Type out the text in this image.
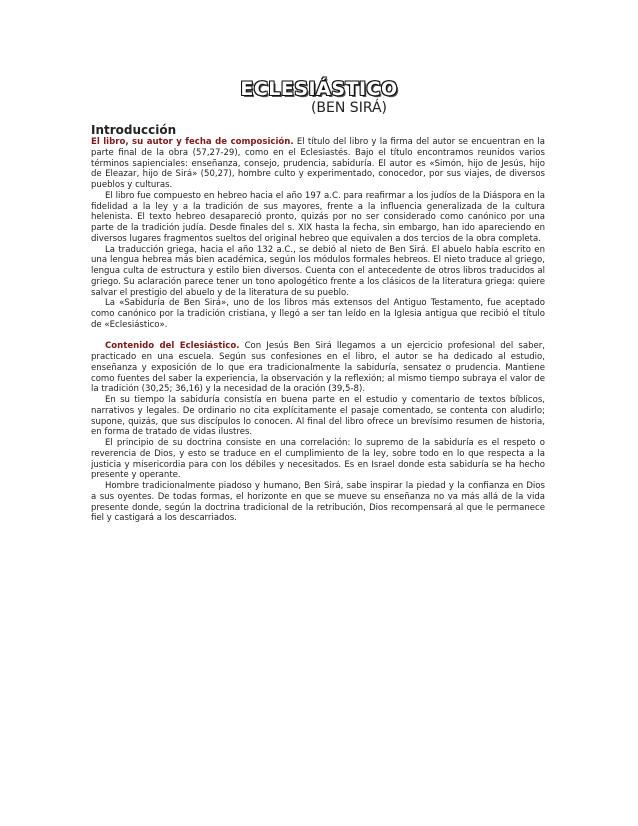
ECLESIÁSTICO
(BEN SIRÁ)
Introducción

El libro, su autor y fecha de composición. El título del libro y la firma del autor se encuentran en la parte final de la obra (57,27-29), como en el Eclesiastés. Bajo el título encontramos reunidos varios términos sapienciales: enseñanza, consejo, prudencia, sabiduría. El autor es «Simón, hijo de Jesús, hijo de Eleazar, hijo de Sirá» (50,27), hombre culto y experimentado, conocedor, por sus viajes, de diversos pueblos y culturas.

El libro fue compuesto en hebreo hacia el año 197 a.C. para reafirmar a los judíos de la Diáspora en la fidelidad a la ley y a la tradición de sus mayores, frente a la influencia generalizada de la cultura helenista. El texto hebreo desapareció pronto, quizás por no ser considerado como canónico por una parte de la tradición judía. Desde finales del s. XIX hasta la fecha, sin embargo, han ido apareciendo en diversos lugares fragmentos sueltos del original hebreo que equivalen a dos tercios de la obra completa.

La traducción griega, hacia el año 132 a.C., se debió al nieto de Ben Sirá. El abuelo había escrito en una lengua hebrea más bien académica, según los módulos formales hebreos. El nieto traduce al griego, lengua culta de estructura y estilo bien diversos. Cuenta con el antecedente de otros libros traducidos al griego. Su aclaración parece tener un tono apologético frente a los clásicos de la literatura griega: quiere salvar el prestigio del abuelo y de la literatura de su pueblo.

La «Sabiduría de Ben Sirá», uno de los libros más extensos del Antiguo Testamento, fue aceptado como canónico por la tradición cristiana, y llegó a ser tan leído en la Iglesia antigua que recibió el título de «Eclesiástico».

Contenido del Eclesiástico. Con Jesús Ben Sirá llegamos a un ejercicio profesional del saber, practicado en una escuela. Según sus confesiones en el libro, el autor se ha dedicado al estudio, enseñanza y exposición de lo que era tradicionalmente la sabiduría, sensatez o prudencia. Mantiene como fuentes del saber la experiencia, la observación y la reflexión; al mismo tiempo subraya el valor de la tradición (30,25; 36,16) y la necesidad de la oración (39,5-8).

En su tiempo la sabiduría consistía en buena parte en el estudio y comentario de textos bíblicos, narrativos y legales. De ordinario no cita explícitamente el pasaje comentado, se contenta con aludirlo; supone, quizás, que sus discípulos lo conocen. Al final del libro ofrece un brevísimo resumen de historia, en forma de tratado de vidas ilustres.

El principio de su doctrina consiste en una correlación: lo supremo de la sabiduría es el respeto o reverencia de Dios, y esto se traduce en el cumplimiento de la ley, sobre todo en lo que respecta a la justicia y misericordia para con los débiles y necesitados. Es en Israel donde esta sabiduría se ha hecho presente y operante.

Hombre tradicionalmente piadoso y humano, Ben Sirá, sabe inspirar la piedad y la confianza en Dios a sus oyentes. De todas formas, el horizonte en que se mueve su enseñanza no va más allá de la vida presente donde, según la doctrina tradicional de la retribución, Dios recompensará al que le permanece fiel y castigará a los descarriados.
